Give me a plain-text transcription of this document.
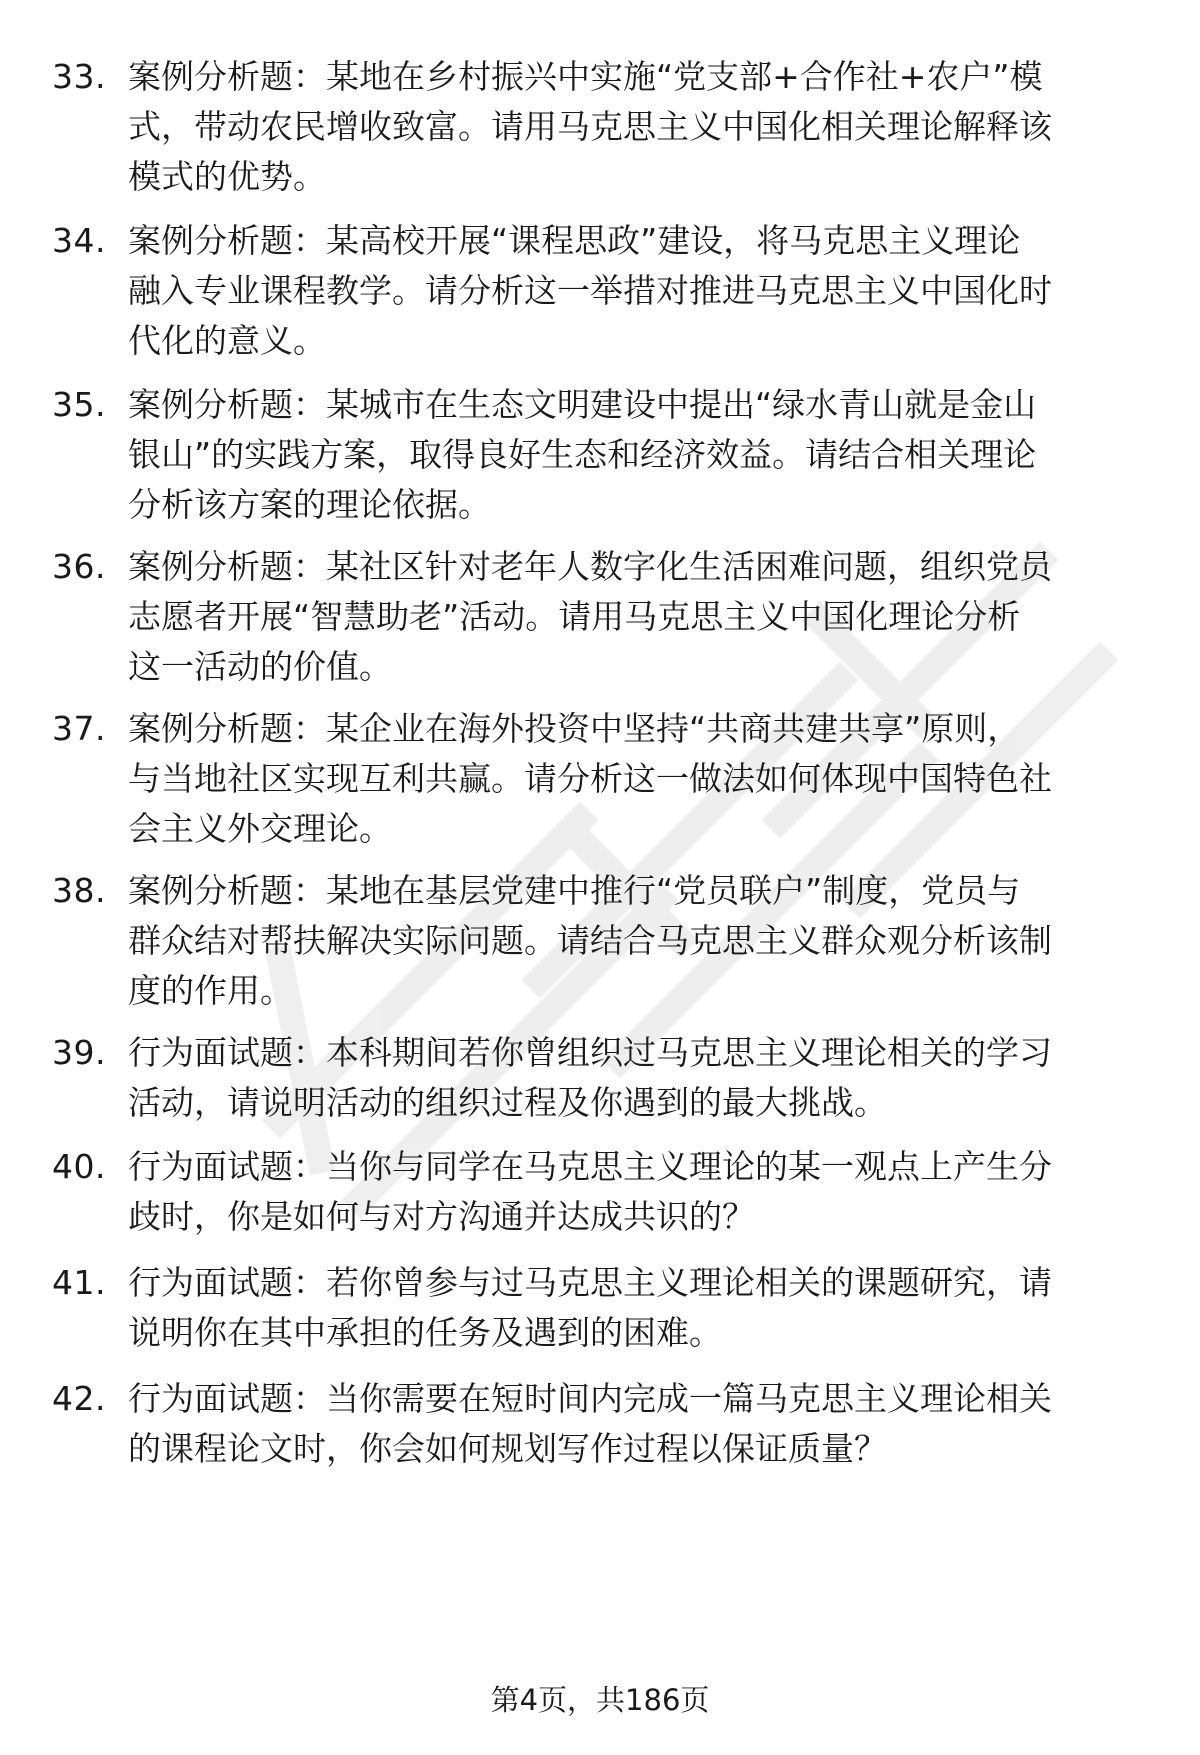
33. 案例分析题：某地在乡村振兴中实施“党支部+合作社+农户”模
式，带动农民增收致富。请用马克思主义中国化相关理论解释该
模式的优势。
34. 案例分析题：某高校开展“课程思政”建设，将马克思主义理论
融入专业课程教学。请分析这一举措对推进马克思主义中国化时
代化的意义。
35. 案例分析题：某城市在生态文明建设中提出“绿水青山就是金山
银山”的实践方案，取得良好生态和经济效益。请结合相关理论
分析该方案的理论依据。
36. 案例分析题：某社区针对老年人数字化生活困难问题，组织党员
志愿者开展“智慧助老”活动。请用马克思主义中国化理论分析
这一活动的价值。
37. 案例分析题：某企业在海外投资中坚持“共商共建共享”原则，
与当地社区实现互利共赢。请分析这一做法如何体现中国特色社
会主义外交理论。
38. 案例分析题：某地在基层党建中推行“党员联户”制度，党员与
群众结对帮扶解决实际问题。请结合马克思主义群众观分析该制
度的作用。
39. 行为面试题：本科期间若你曾组织过马克思主义理论相关的学习
活动，请说明活动的组织过程及你遇到的最大挑战。
40. 行为面试题：当你与同学在马克思主义理论的某一观点上产生分
歧时，你是如何与对方沟通并达成共识的？
41. 行为面试题：若你曾参与过马克思主义理论相关的课题研究，请
说明你在其中承担的任务及遇到的困难。
42. 行为面试题：当你需要在短时间内完成一篇马克思主义理论相关
的课程论文时，你会如何规划写作过程以保证质量？
第4页，共186页
